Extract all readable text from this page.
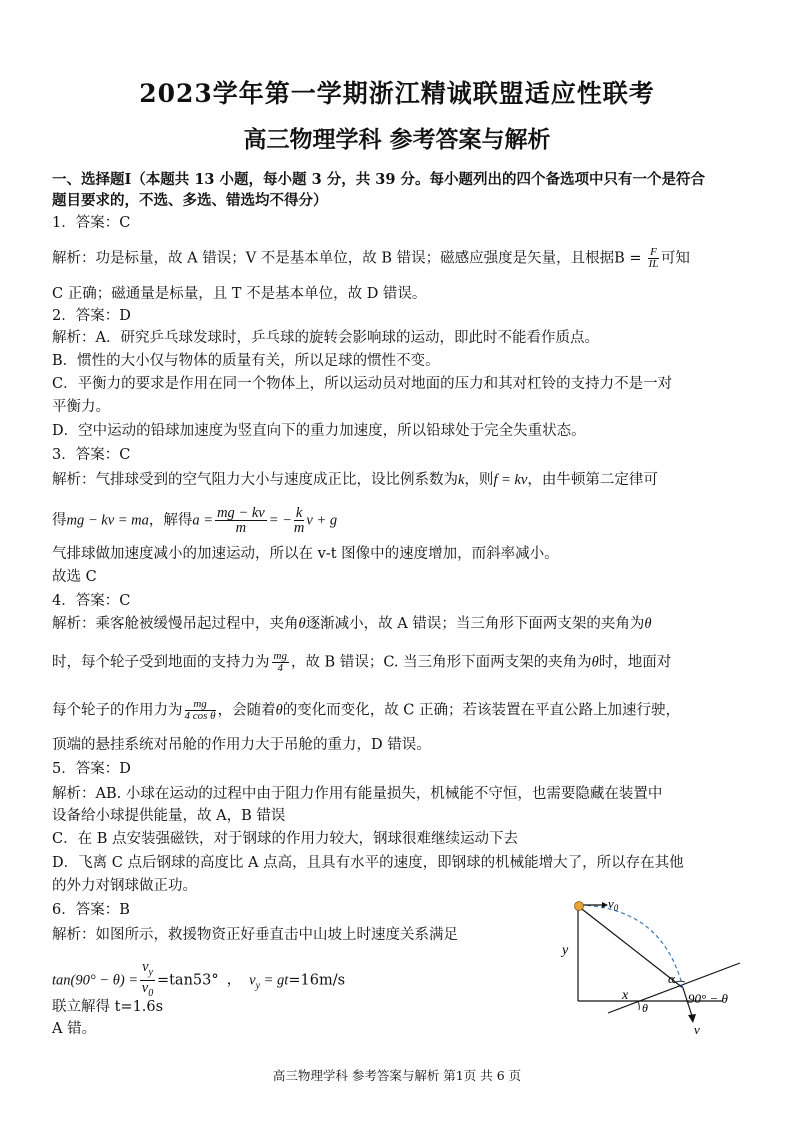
2023学年第一学期浙江精诚联盟适应性联考
高三物理学科 参考答案与解析
一、选择题Ⅰ（本题共 13 小题，每小题 3 分，共 39 分。每小题列出的四个备选项中只有一个是符合
题目要求的，不选、多选、错选均不得分）
1．答案：C
解析：功是标量，故 A 错误；V 不是基本单位，故 B 错误；磁感应强度是矢量，且根据$B = \frac{F}{IL}$ 可知
C 正确；磁通量是标量，且 T 不是基本单位，故 D 错误。
2．答案：D
解析：A．研究乒乓球发球时，乒乓球的旋转会影响球的运动，即此时不能看作质点。
B．惯性的大小仅与物体的质量有关，所以足球的惯性不变。
C．平衡力的要求是作用在同一个物体上，所以运动员对地面的压力和其对杠铃的支持力不是一对
平衡力。
D．空中运动的铅球加速度为竖直向下的重力加速度，所以铅球处于完全失重状态。
3．答案：C
解析：气排球受到的空气阻力大小与速度成正比，设比例系数为k，则f = kv，由牛顿第二定律可
得mg − kv = ma，解得$a = \frac{mg - kv}{m}$ = − $\frac{k}{m}$ v + g
气排球做加速度减小的加速运动，所以在 v-t 图像中的速度增加，而斜率减小。
故选 C
4．答案：C
解析：乘客舱被缓慢吊起过程中，夹角θ逐渐减小，故 A 错误；当三角形下面两支架的夹角为θ
时，每个轮子受到地面的支持力为 $\frac{mg}{4}$ ，故 B 错误；C. 当三角形下面两支架的夹角为θ时，地面对
每个轮子的作用力为 $\frac{mg}{\text{4 cos θ}}$ ，会随着θ的变化而变化，故 C 正确；若该装置在平直公路上加速行驶，
顶端的悬挂系统对吊舱的作用力大于吊舱的重力，D 错误。
5．答案：D
解析：AB. 小球在运动的过程中由于阻力作用有能量损失，机械能不守恒，也需要隐藏在装置中
设备给小球提供能量，故 A，B 错误
C．在 B 点安装强磁铁，对于钢球的作用力较大，钢球很难继续运动下去
D．飞离 C 点后钢球的高度比 A 点高，且具有水平的速度，即钢球的机械能增大了，所以存在其他
的外力对钢球做正功。
6．答案：B
解析：如图所示，救援物资正好垂直击中山坡上时速度关系满足
$\tan(90^\circ - \theta) = \frac{v_y}{v_0} =\tan 53^\circ$ ， $v_y = gt=16m/s$
联立解得 t=1.6s
A 错。
$v_0$
y
x
α
90° − θ
θ
v
高三物理学科 参考答案与解析 第1页 共 6 页
